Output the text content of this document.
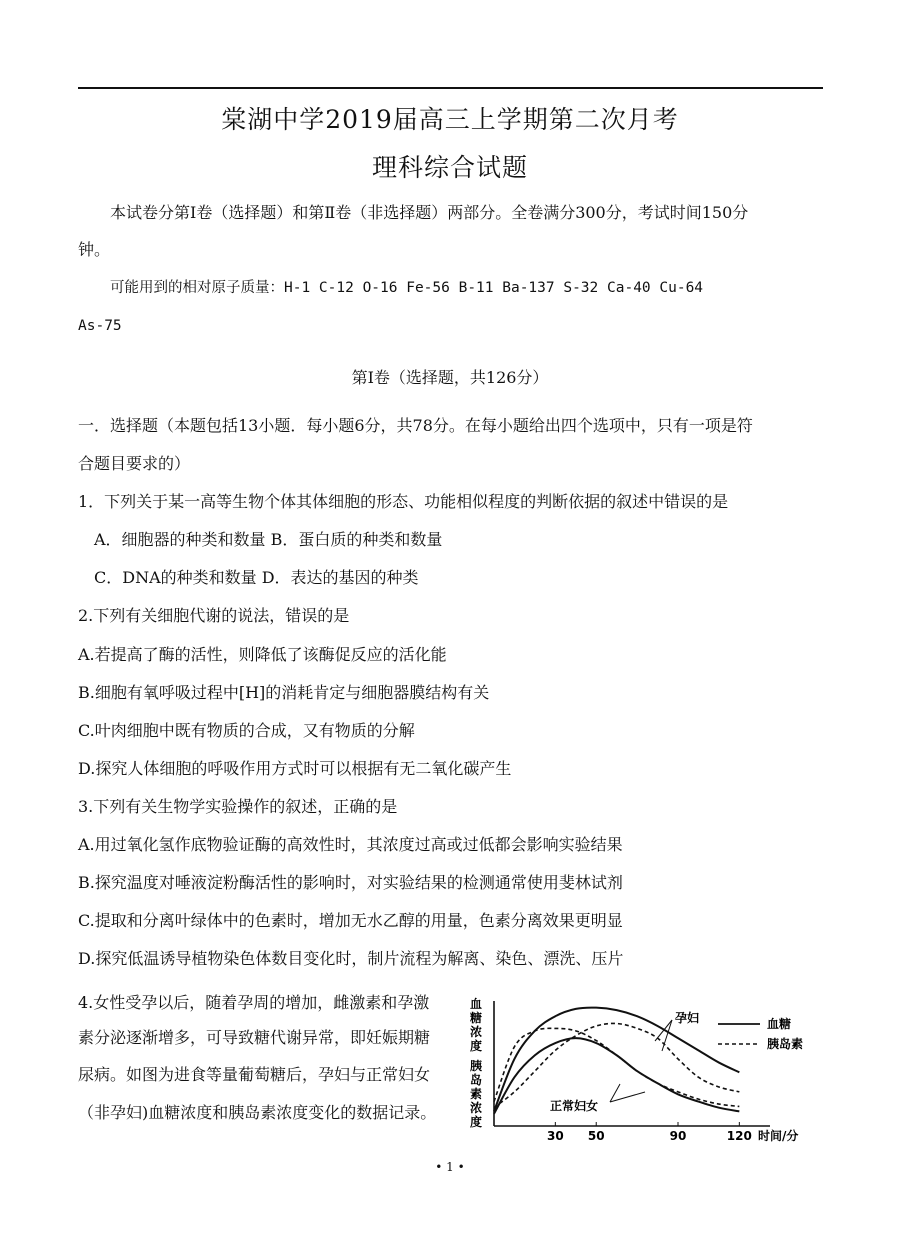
棠湖中学2019届高三上学期第二次月考
理科综合试题
本试卷分第Ⅰ卷（选择题）和第Ⅱ卷（非选择题）两部分。全卷满分300分，考试时间150分
钟。
可能用到的相对原子质量：H-1 C-12 O-16 Fe-56 B-11 Ba-137 S-32 Ca-40 Cu-64
As-75
第Ⅰ卷（选择题，共126分）
一．选择题（本题包括13小题．每小题6分，共78分。在每小题给出四个选项中，只有一项是符
合题目要求的）
1．下列关于某一高等生物个体其体细胞的形态、功能相似程度的判断依据的叙述中错误的是
A．细胞器的种类和数量 B．蛋白质的种类和数量
C．DNA的种类和数量 D．表达的基因的种类
2.下列有关细胞代谢的说法，错误的是
A.若提高了酶的活性，则降低了该酶促反应的活化能
B.细胞有氧呼吸过程中[H]的消耗肯定与细胞器膜结构有关
C.叶肉细胞中既有物质的合成，又有物质的分解
D.探究人体细胞的呼吸作用方式时可以根据有无二氧化碳产生
3.下列有关生物学实验操作的叙述，正确的是
A.用过氧化氢作底物验证酶的高效性时，其浓度过高或过低都会影响实验结果
B.探究温度对唾液淀粉酶活性的影响时，对实验结果的检测通常使用斐林试剂
C.提取和分离叶绿体中的色素时，增加无水乙醇的用量，色素分离效果更明显
D.探究低温诱导植物染色体数目变化时，制片流程为解离、染色、漂洗、压片
4.女性受孕以后，随着孕周的增加，雌激素和孕激
素分泌逐渐增多，可导致糖代谢异常，即妊娠期糖
尿病。如图为进食等量葡萄糖后，孕妇与正常妇女
（非孕妇)血糖浓度和胰岛素浓度变化的数据记录。
血糖浓度
胰岛素浓度
30 50	90	120 时间/分
血糖
胰岛素
孕妇
正常妇女
• 1 •
